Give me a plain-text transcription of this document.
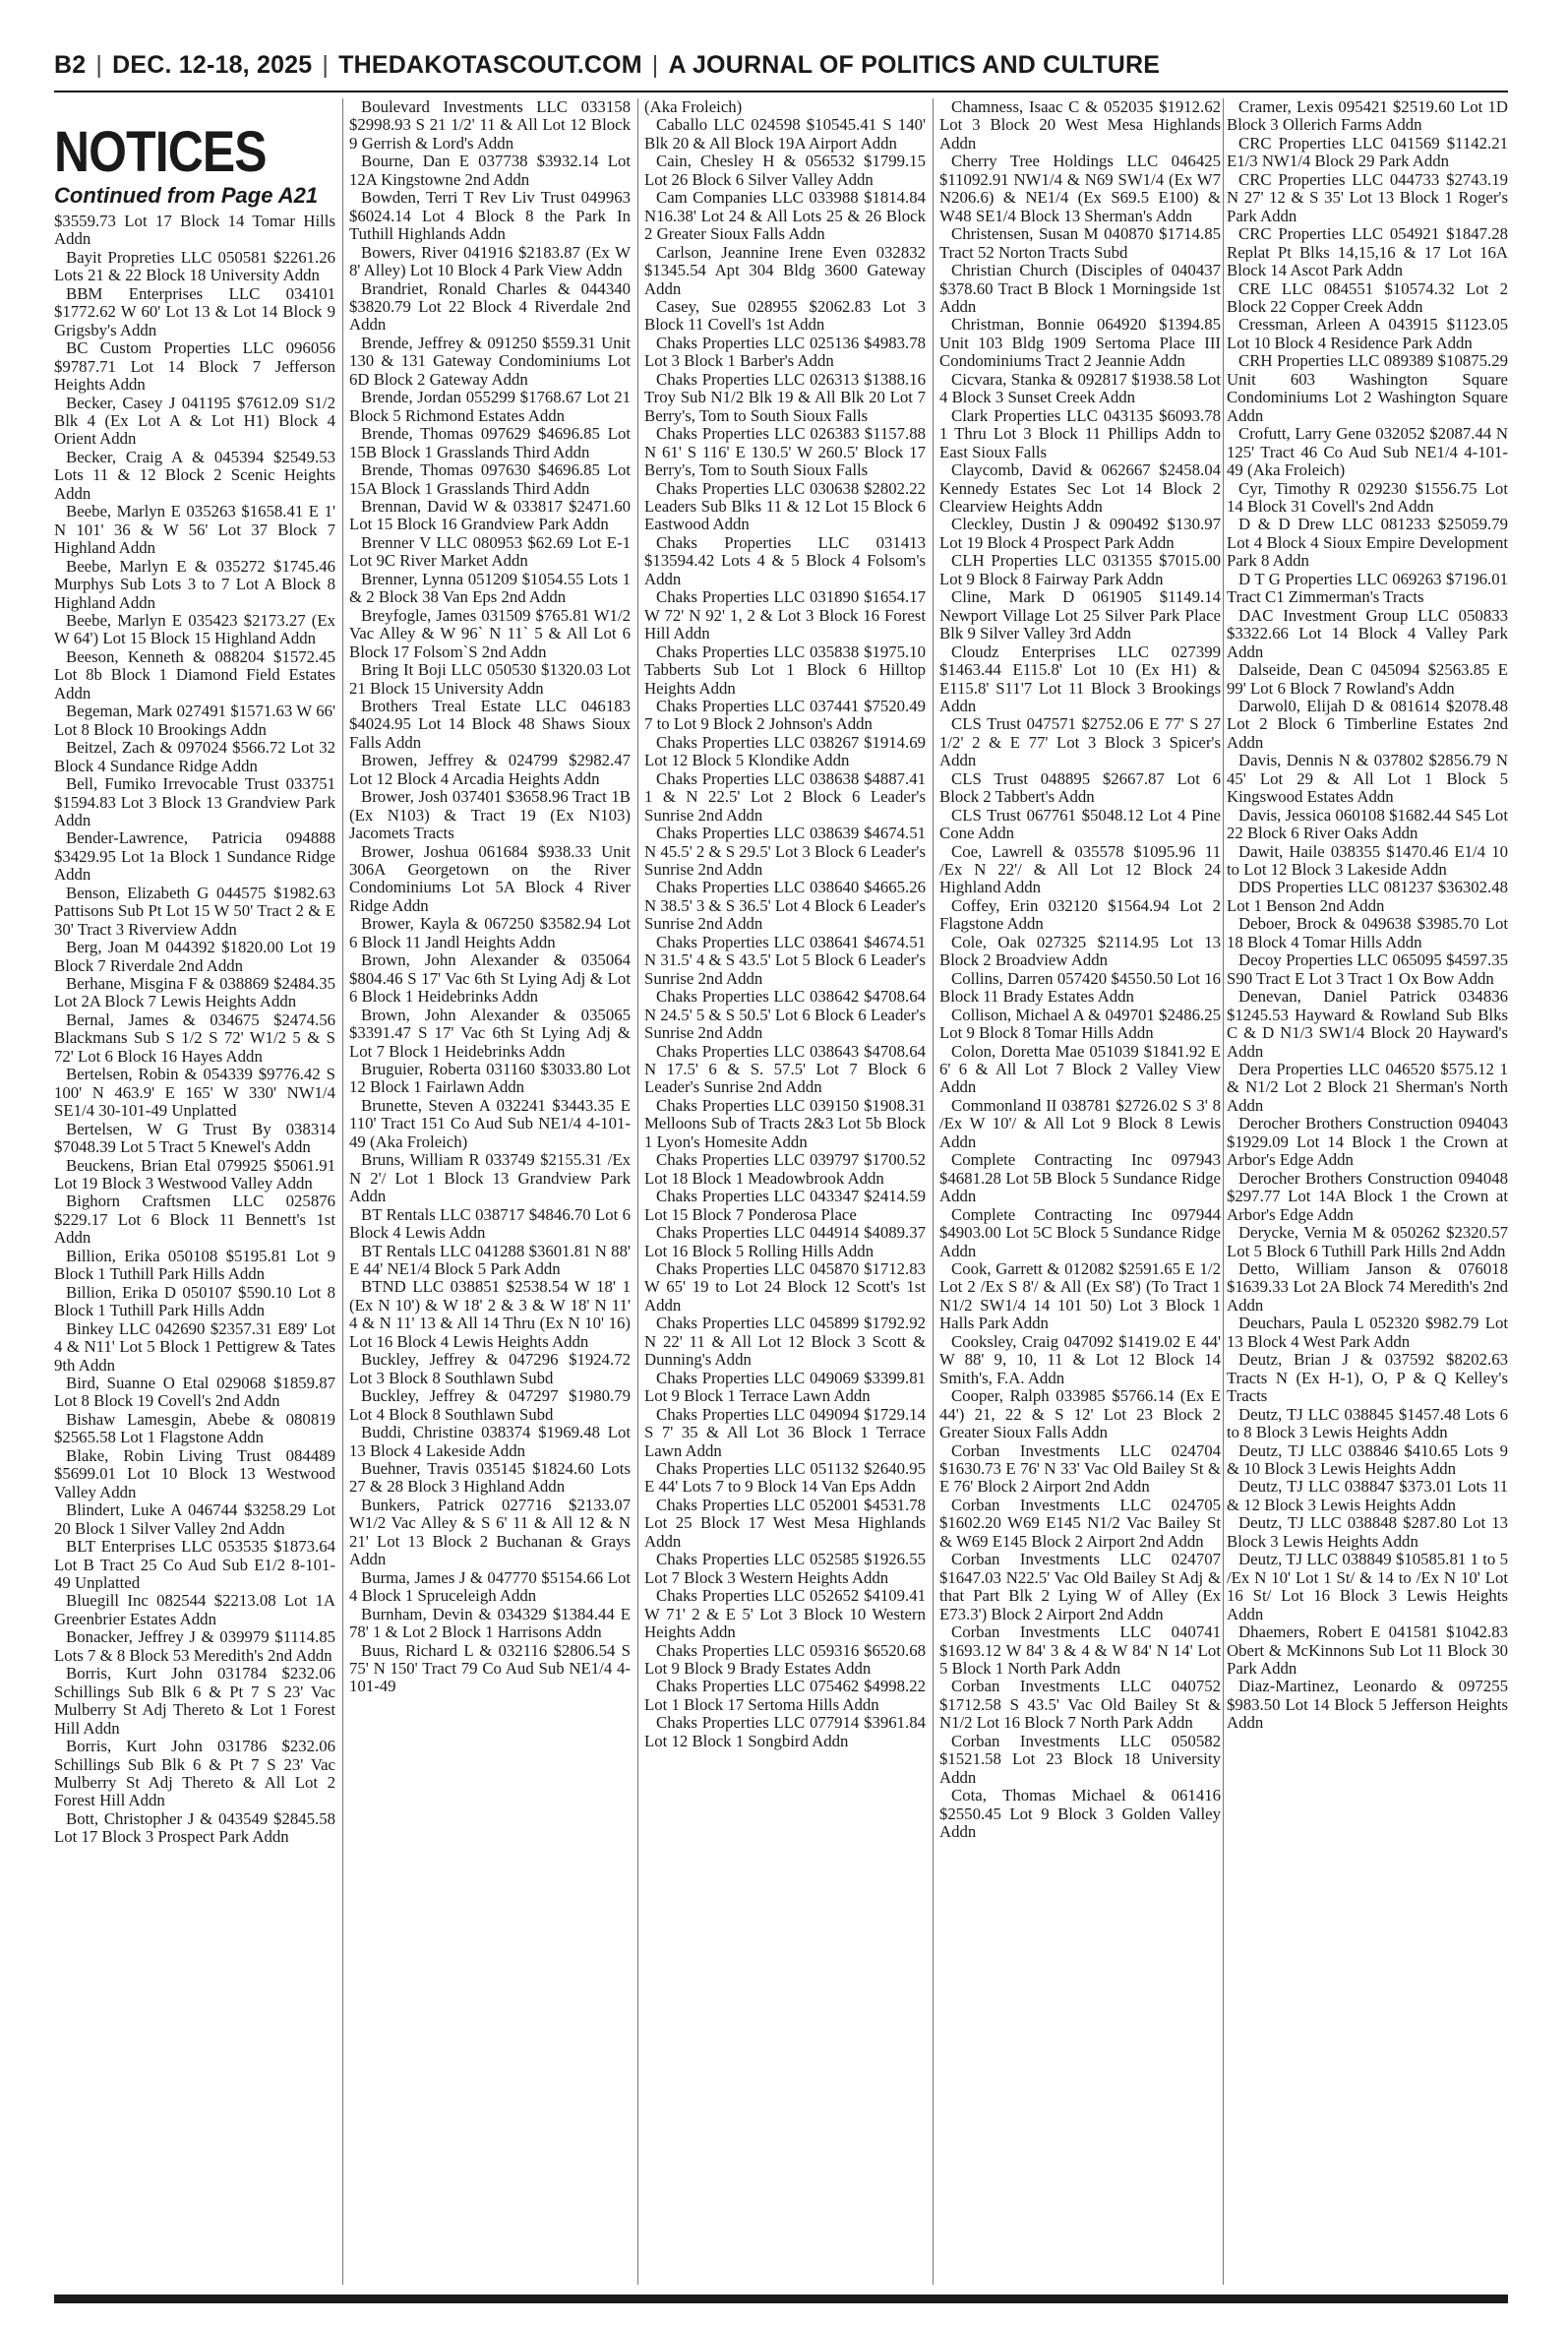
B2 | DEC. 12-18, 2025 | THEDAKOTASCOUT.COM | A JOURNAL OF POLITICS AND CULTURE
NOTICES
Continued from Page A21

$3559.73 Lot 17 Block 14 Tomar Hills Addn

Bayit Propreties LLC 050581 $2261.26 Lots 21 & 22 Block 18 University Addn

BBM Enterprises LLC 034101 $1772.62 W 60' Lot 13 & Lot 14 Block 9 Grigsby's Addn

BC Custom Properties LLC 096056 $9787.71 Lot 14 Block 7 Jefferson Heights Addn

Becker, Casey J 041195 $7612.09 S1/2 Blk 4 (Ex Lot A & Lot H1) Block 4 Orient Addn

Becker, Craig A & 045394 $2549.53 Lots 11 & 12 Block 2 Scenic Heights Addn

Beebe, Marlyn E 035263 $1658.41 E 1' N 101' 36 & W 56' Lot 37 Block 7 Highland Addn

Beebe, Marlyn E & 035272 $1745.46 Murphys Sub Lots 3 to 7 Lot A Block 8 Highland Addn

Beebe, Marlyn E 035423 $2173.27 (Ex W 64') Lot 15 Block 15 Highland Addn

Beeson, Kenneth & 088204 $1572.45 Lot 8b Block 1 Diamond Field Estates Addn

Begeman, Mark 027491 $1571.63 W 66' Lot 8 Block 10 Brookings Addn

Beitzel, Zach & 097024 $566.72 Lot 32 Block 4 Sundance Ridge Addn

Bell, Fumiko Irrevocable Trust 033751 $1594.83 Lot 3 Block 13 Grandview Park Addn

Bender-Lawrence, Patricia 094888 $3429.95 Lot 1a Block 1 Sundance Ridge Addn

Benson, Elizabeth G 044575 $1982.63 Pattisons Sub Pt Lot 15 W 50' Tract 2 & E 30' Tract 3 Riverview Addn

Berg, Joan M 044392 $1820.00 Lot 19 Block 7 Riverdale 2nd Addn

Berhane, Misgina F & 038869 $2484.35 Lot 2A Block 7 Lewis Heights Addn

Bernal, James & 034675 $2474.56 Blackmans Sub S 1/2 S 72' W1/2 5 & S 72' Lot 6 Block 16 Hayes Addn

Bertelsen, Robin & 054339 $9776.42 S 100' N 463.9' E 165' W 330' NW1/4 SE1/4 30-101-49 Unplatted

Bertelsen, W G Trust By 038314 $7048.39 Lot 5 Tract 5 Knewel's Addn

Beuckens, Brian Etal 079925 $5061.91 Lot 19 Block 3 Westwood Valley Addn

Bighorn Craftsmen LLC 025876 $229.17 Lot 6 Block 11 Bennett's 1st Addn

Billion, Erika 050108 $5195.81 Lot 9 Block 1 Tuthill Park Hills Addn

Billion, Erika D 050107 $590.10 Lot 8 Block 1 Tuthill Park Hills Addn

Binkey LLC 042690 $2357.31 E89' Lot 4 & N11' Lot 5 Block 1 Pettigrew & Tates 9th Addn

Bird, Suanne O Etal 029068 $1859.87 Lot 8 Block 19 Covell's 2nd Addn

Bishaw Lamesgin, Abebe & 080819 $2565.58 Lot 1 Flagstone Addn

Blake, Robin Living Trust 084489 $5699.01 Lot 10 Block 13 Westwood Valley Addn

Blindert, Luke A 046744 $3258.29 Lot 20 Block 1 Silver Valley 2nd Addn

BLT Enterprises LLC 053535 $1873.64 Lot B Tract 25 Co Aud Sub E1/2 8-101-49 Unplatted

Bluegill Inc 082544 $2213.08 Lot 1A Greenbrier Estates Addn

Bonacker, Jeffrey J & 039979 $1114.85 Lots 7 & 8 Block 53 Meredith's 2nd Addn

Borris, Kurt John 031784 $232.06 Schillings Sub Blk 6 & Pt 7 S 23' Vac Mulberry St Adj Thereto & Lot 1 Forest Hill Addn

Borris, Kurt John 031786 $232.06 Schillings Sub Blk 6 & Pt 7 S 23' Vac Mulberry St Adj Thereto & All Lot 2 Forest Hill Addn

Bott, Christopher J & 043549 $2845.58 Lot 17 Block 3 Prospect Park Addn

Boulevard Investments LLC 033158 $2998.93 S 21 1/2' 11 & All Lot 12 Block 9 Gerrish & Lord's Addn

Bourne, Dan E 037738 $3932.14 Lot 12A Kingstowne 2nd Addn

Bowden, Terri T Rev Liv Trust 049963 $6024.14 Lot 4 Block 8 the Park In Tuthill Highlands Addn

Bowers, River 041916 $2183.87 (Ex W 8' Alley) Lot 10 Block 4 Park View Addn

Brandriet, Ronald Charles & 044340 $3820.79 Lot 22 Block 4 Riverdale 2nd Addn

Brende, Jeffrey & 091250 $559.31 Unit 130 & 131 Gateway Condominiums Lot 6D Block 2 Gateway Addn

Brende, Jordan 055299 $1768.67 Lot 21 Block 5 Richmond Estates Addn

Brende, Thomas 097629 $4696.85 Lot 15B Block 1 Grasslands Third Addn

Brende, Thomas 097630 $4696.85 Lot 15A Block 1 Grasslands Third Addn

Brennan, David W & 033817 $2471.60 Lot 15 Block 16 Grandview Park Addn

Brenner V LLC 080953 $62.69 Lot E-1 Lot 9C River Market Addn

Brenner, Lynna 051209 $1054.55 Lots 1 & 2 Block 38 Van Eps 2nd Addn

Breyfogle, James 031509 $765.81 W1/2 Vac Alley & W 96` N 11` 5 & All Lot 6 Block 17 Folsom`S 2nd Addn

Bring It Boji LLC 050530 $1320.03 Lot 21 Block 15 University Addn

Brothers Treal Estate LLC 046183 $4024.95 Lot 14 Block 48 Shaws Sioux Falls Addn

Browen, Jeffrey & 024799 $2982.47 Lot 12 Block 4 Arcadia Heights Addn

Brower, Josh 037401 $3658.96 Tract 1B (Ex N103) & Tract 19 (Ex N103) Jacomets Tracts

Brower, Joshua 061684 $938.33 Unit 306A Georgetown on the River Condominiums Lot 5A Block 4 River Ridge Addn

Brower, Kayla & 067250 $3582.94 Lot 6 Block 11 Jandl Heights Addn

Brown, John Alexander & 035064 $804.46 S 17' Vac 6th St Lying Adj & Lot 6 Block 1 Heidebrinks Addn

Brown, John Alexander & 035065 $3391.47 S 17' Vac 6th St Lying Adj & Lot 7 Block 1 Heidebrinks Addn

Bruguier, Roberta 031160 $3033.80 Lot 12 Block 1 Fairlawn Addn

Brunette, Steven A 032241 $3443.35 E 110' Tract 151 Co Aud Sub NE1/4 4-101-49 (Aka Froleich)

Bruns, William R 033749 $2155.31 /Ex N 2'/ Lot 1 Block 13 Grandview Park Addn

BT Rentals LLC 038717 $4846.70 Lot 6 Block 4 Lewis Addn

BT Rentals LLC 041288 $3601.81 N 88' E 44' NE1/4 Block 5 Park Addn

BTND LLC 038851 $2538.54 W 18' 1 (Ex N 10') & W 18' 2 & 3 & W 18' N 11' 4 & N 11' 13 & All 14 Thru (Ex N 10' 16) Lot 16 Block 4 Lewis Heights Addn

Buckley, Jeffrey & 047296 $1924.72 Lot 3 Block 8 Southlawn Subd

Buckley, Jeffrey & 047297 $1980.79 Lot 4 Block 8 Southlawn Subd

Buddi, Christine 038374 $1969.48 Lot 13 Block 4 Lakeside Addn

Buehner, Travis 035145 $1824.60 Lots 27 & 28 Block 3 Highland Addn

Bunkers, Patrick 027716 $2133.07 W1/2 Vac Alley & S 6' 11 & All 12 & N 21' Lot 13 Block 2 Buchanan & Grays Addn

Burma, James J & 047770 $5154.66 Lot 4 Block 1 Spruceleigh Addn

Burnham, Devin & 034329 $1384.44 E 78' 1 & Lot 2 Block 1 Harrisons Addn

Buus, Richard L & 032116 $2806.54 S 75' N 150' Tract 79 Co Aud Sub NE1/4 4-101-49

(Aka Froleich)

Caballo LLC 024598 $10545.41 S 140' Blk 20 & All Block 19A Airport Addn

Cain, Chesley H & 056532 $1799.15 Lot 26 Block 6 Silver Valley Addn

Cam Companies LLC 033988 $1814.84 N16.38' Lot 24 & All Lots 25 & 26 Block 2 Greater Sioux Falls Addn

Carlson, Jeannine Irene Even 032832 $1345.54 Apt 304 Bldg 3600 Gateway Addn

Casey, Sue 028955 $2062.83 Lot 3 Block 11 Covell's 1st Addn

Chaks Properties LLC 025136 $4983.78 Lot 3 Block 1 Barber's Addn

Chaks Properties LLC 026313 $1388.16 Troy Sub N1/2 Blk 19 & All Blk 20 Lot 7 Berry's, Tom to South Sioux Falls

Chaks Properties LLC 026383 $1157.88 N 61' S 116' E 130.5' W 260.5' Block 17 Berry's, Tom to South Sioux Falls

Chaks Properties LLC 030638 $2802.22 Leaders Sub Blks 11 & 12 Lot 15 Block 6 Eastwood Addn

Chaks Properties LLC 031413 $13594.42 Lots 4 & 5 Block 4 Folsom's Addn

Chaks Properties LLC 031890 $1654.17 W 72' N 92' 1, 2 & Lot 3 Block 16 Forest Hill Addn

Chaks Properties LLC 035838 $1975.10 Tabberts Sub Lot 1 Block 6 Hilltop Heights Addn

Chaks Properties LLC 037441 $7520.49 7 to Lot 9 Block 2 Johnson's Addn

Chaks Properties LLC 038267 $1914.69 Lot 12 Block 5 Klondike Addn

Chaks Properties LLC 038638 $4887.41 1 & N 22.5' Lot 2 Block 6 Leader's Sunrise 2nd Addn

Chaks Properties LLC 038639 $4674.51 N 45.5' 2 & S 29.5' Lot 3 Block 6 Leader's Sunrise 2nd Addn

Chaks Properties LLC 038640 $4665.26 N 38.5' 3 & S 36.5' Lot 4 Block 6 Leader's Sunrise 2nd Addn

Chaks Properties LLC 038641 $4674.51 N 31.5' 4 & S 43.5' Lot 5 Block 6 Leader's Sunrise 2nd Addn

Chaks Properties LLC 038642 $4708.64 N 24.5' 5 & S 50.5' Lot 6 Block 6 Leader's Sunrise 2nd Addn

Chaks Properties LLC 038643 $4708.64 N 17.5' 6 & S. 57.5' Lot 7 Block 6 Leader's Sunrise 2nd Addn

Chaks Properties LLC 039150 $1908.31 Melloons Sub of Tracts 2&3 Lot 5b Block 1 Lyon's Homesite Addn

Chaks Properties LLC 039797 $1700.52 Lot 18 Block 1 Meadowbrook Addn

Chaks Properties LLC 043347 $2414.59 Lot 15 Block 7 Ponderosa Place

Chaks Properties LLC 044914 $4089.37 Lot 16 Block 5 Rolling Hills Addn

Chaks Properties LLC 045870 $1712.83 W 65' 19 to Lot 24 Block 12 Scott's 1st Addn

Chaks Properties LLC 045899 $1792.92 N 22' 11 & All Lot 12 Block 3 Scott & Dunning's Addn

Chaks Properties LLC 049069 $3399.81 Lot 9 Block 1 Terrace Lawn Addn

Chaks Properties LLC 049094 $1729.14 S 7' 35 & All Lot 36 Block 1 Terrace Lawn Addn

Chaks Properties LLC 051132 $2640.95 E 44' Lots 7 to 9 Block 14 Van Eps Addn

Chaks Properties LLC 052001 $4531.78 Lot 25 Block 17 West Mesa Highlands Addn

Chaks Properties LLC 052585 $1926.55 Lot 7 Block 3 Western Heights Addn

Chaks Properties LLC 052652 $4109.41 W 71' 2 & E 5' Lot 3 Block 10 Western Heights Addn

Chaks Properties LLC 059316 $6520.68 Lot 9 Block 9 Brady Estates Addn

Chaks Properties LLC 075462 $4998.22 Lot 1 Block 17 Sertoma Hills Addn

Chaks Properties LLC 077914 $3961.84 Lot 12 Block 1 Songbird Addn

Chamness, Isaac C & 052035 $1912.62 Lot 3 Block 20 West Mesa Highlands Addn

Cherry Tree Holdings LLC 046425 $11092.91 NW1/4 & N69 SW1/4 (Ex W7 N206.6) & NE1/4 (Ex S69.5 E100) & W48 SE1/4 Block 13 Sherman's Addn

Christensen, Susan M 040870 $1714.85 Tract 52 Norton Tracts Subd

Christian Church (Disciples of 040437 $378.60 Tract B Block 1 Morningside 1st Addn

Christman, Bonnie 064920 $1394.85 Unit 103 Bldg 1909 Sertoma Place III Condominiums Tract 2 Jeannie Addn

Cicvara, Stanka & 092817 $1938.58 Lot 4 Block 3 Sunset Creek Addn

Clark Properties LLC 043135 $6093.78 1 Thru Lot 3 Block 11 Phillips Addn to East Sioux Falls

Claycomb, David & 062667 $2458.04 Kennedy Estates Sec Lot 14 Block 2 Clearview Heights Addn

Cleckley, Dustin J & 090492 $130.97 Lot 19 Block 4 Prospect Park Addn

CLH Properties LLC 031355 $7015.00 Lot 9 Block 8 Fairway Park Addn

Cline, Mark D 061905 $1149.14 Newport Village Lot 25 Silver Park Place Blk 9 Silver Valley 3rd Addn

Cloudz Enterprises LLC 027399 $1463.44 E115.8' Lot 10 (Ex H1) & E115.8' S11'7 Lot 11 Block 3 Brookings Addn

CLS Trust 047571 $2752.06 E 77' S 27 1/2' 2 & E 77' Lot 3 Block 3 Spicer's Addn

CLS Trust 048895 $2667.87 Lot 6 Block 2 Tabbert's Addn

CLS Trust 067761 $5048.12 Lot 4 Pine Cone Addn

Coe, Lawrell & 035578 $1095.96 11 /Ex N 22'/ & All Lot 12 Block 24 Highland Addn

Coffey, Erin 032120 $1564.94 Lot 2 Flagstone Addn

Cole, Oak 027325 $2114.95 Lot 13 Block 2 Broadview Addn

Collins, Darren 057420 $4550.50 Lot 16 Block 11 Brady Estates Addn

Collison, Michael A & 049701 $2486.25 Lot 9 Block 8 Tomar Hills Addn

Colon, Doretta Mae 051039 $1841.92 E 6' 6 & All Lot 7 Block 2 Valley View Addn

Commonland II 038781 $2726.02 S 3' 8 /Ex W 10'/ & All Lot 9 Block 8 Lewis Addn

Complete Contracting Inc 097943 $4681.28 Lot 5B Block 5 Sundance Ridge Addn

Complete Contracting Inc 097944 $4903.00 Lot 5C Block 5 Sundance Ridge Addn

Cook, Garrett & 012082 $2591.65 E 1/2 Lot 2 /Ex S 8'/ & All (Ex S8') (To Tract 1 N1/2 SW1/4 14 101 50) Lot 3 Block 1 Halls Park Addn

Cooksley, Craig 047092 $1419.02 E 44' W 88' 9, 10, 11 & Lot 12 Block 14 Smith's, F.A. Addn

Cooper, Ralph 033985 $5766.14 (Ex E 44') 21, 22 & S 12' Lot 23 Block 2 Greater Sioux Falls Addn

Corban Investments LLC 024704 $1630.73 E 76' N 33' Vac Old Bailey St & E 76' Block 2 Airport 2nd Addn

Corban Investments LLC 024705 $1602.20 W69 E145 N1/2 Vac Bailey St & W69 E145 Block 2 Airport 2nd Addn

Corban Investments LLC 024707 $1647.03 N22.5' Vac Old Bailey St Adj & that Part Blk 2 Lying W of Alley (Ex E73.3') Block 2 Airport 2nd Addn

Corban Investments LLC 040741 $1693.12 W 84' 3 & 4 & W 84' N 14' Lot 5 Block 1 North Park Addn

Corban Investments LLC 040752 $1712.58 S 43.5' Vac Old Bailey St & N1/2 Lot 16 Block 7 North Park Addn

Corban Investments LLC 050582 $1521.58 Lot 23 Block 18 University Addn

Cota, Thomas Michael & 061416 $2550.45 Lot 9 Block 3 Golden Valley Addn

Cramer, Lexis 095421 $2519.60 Lot 1D Block 3 Ollerich Farms Addn

CRC Properties LLC 041569 $1142.21 E1/3 NW1/4 Block 29 Park Addn

CRC Properties LLC 044733 $2743.19 N 27' 12 & S 35' Lot 13 Block 1 Roger's Park Addn

CRC Properties LLC 054921 $1847.28 Replat Pt Blks 14,15,16 & 17 Lot 16A Block 14 Ascot Park Addn

CRE LLC 084551 $10574.32 Lot 2 Block 22 Copper Creek Addn

Cressman, Arleen A 043915 $1123.05 Lot 10 Block 4 Residence Park Addn

CRH Properties LLC 089389 $10875.29 Unit 603 Washington Square Condominiums Lot 2 Washington Square Addn

Crofutt, Larry Gene 032052 $2087.44 N 125' Tract 46 Co Aud Sub NE1/4 4-101-49 (Aka Froleich)

Cyr, Timothy R 029230 $1556.75 Lot 14 Block 31 Covell's 2nd Addn

D & D Drew LLC 081233 $25059.79 Lot 4 Block 4 Sioux Empire Development Park 8 Addn

D T G Properties LLC 069263 $7196.01 Tract C1 Zimmerman's Tracts

DAC Investment Group LLC 050833 $3322.66 Lot 14 Block 4 Valley Park Addn

Dalseide, Dean C 045094 $2563.85 E 99' Lot 6 Block 7 Rowland's Addn

Darwol0, Elijah D & 081614 $2078.48 Lot 2 Block 6 Timberline Estates 2nd Addn

Davis, Dennis N & 037802 $2856.79 N 45' Lot 29 & All Lot 1 Block 5 Kingswood Estates Addn

Davis, Jessica 060108 $1682.44 S45 Lot 22 Block 6 River Oaks Addn

Dawit, Haile 038355 $1470.46 E1/4 10 to Lot 12 Block 3 Lakeside Addn

DDS Properties LLC 081237 $36302.48 Lot 1 Benson 2nd Addn

Deboer, Brock & 049638 $3985.70 Lot 18 Block 4 Tomar Hills Addn

Decoy Properties LLC 065095 $4597.35 S90 Tract E Lot 3 Tract 1 Ox Bow Addn

Denevan, Daniel Patrick 034836 $1245.53 Hayward & Rowland Sub Blks C & D N1/3 SW1/4 Block 20 Hayward's Addn

Dera Properties LLC 046520 $575.12 1 & N1/2 Lot 2 Block 21 Sherman's North Addn

Derocher Brothers Construction 094043 $1929.09 Lot 14 Block 1 the Crown at Arbor's Edge Addn

Derocher Brothers Construction 094048 $297.77 Lot 14A Block 1 the Crown at Arbor's Edge Addn

Derycke, Vernia M & 050262 $2320.57 Lot 5 Block 6 Tuthill Park Hills 2nd Addn

Detto, William Janson & 076018 $1639.33 Lot 2A Block 74 Meredith's 2nd Addn

Deuchars, Paula L 052320 $982.79 Lot 13 Block 4 West Park Addn

Deutz, Brian J & 037592 $8202.63 Tracts N (Ex H-1), O, P & Q Kelley's Tracts

Deutz, TJ LLC 038845 $1457.48 Lots 6 to 8 Block 3 Lewis Heights Addn

Deutz, TJ LLC 038846 $410.65 Lots 9 & 10 Block 3 Lewis Heights Addn

Deutz, TJ LLC 038847 $373.01 Lots 11 & 12 Block 3 Lewis Heights Addn

Deutz, TJ LLC 038848 $287.80 Lot 13 Block 3 Lewis Heights Addn

Deutz, TJ LLC 038849 $10585.81 1 to 5 /Ex N 10' Lot 1 St/ & 14 to /Ex N 10' Lot 16 St/ Lot 16 Block 3 Lewis Heights Addn

Dhaemers, Robert E 041581 $1042.83 Obert & McKinnons Sub Lot 11 Block 30 Park Addn

Diaz-Martinez, Leonardo & 097255 $983.50 Lot 14 Block 5 Jefferson Heights Addn
